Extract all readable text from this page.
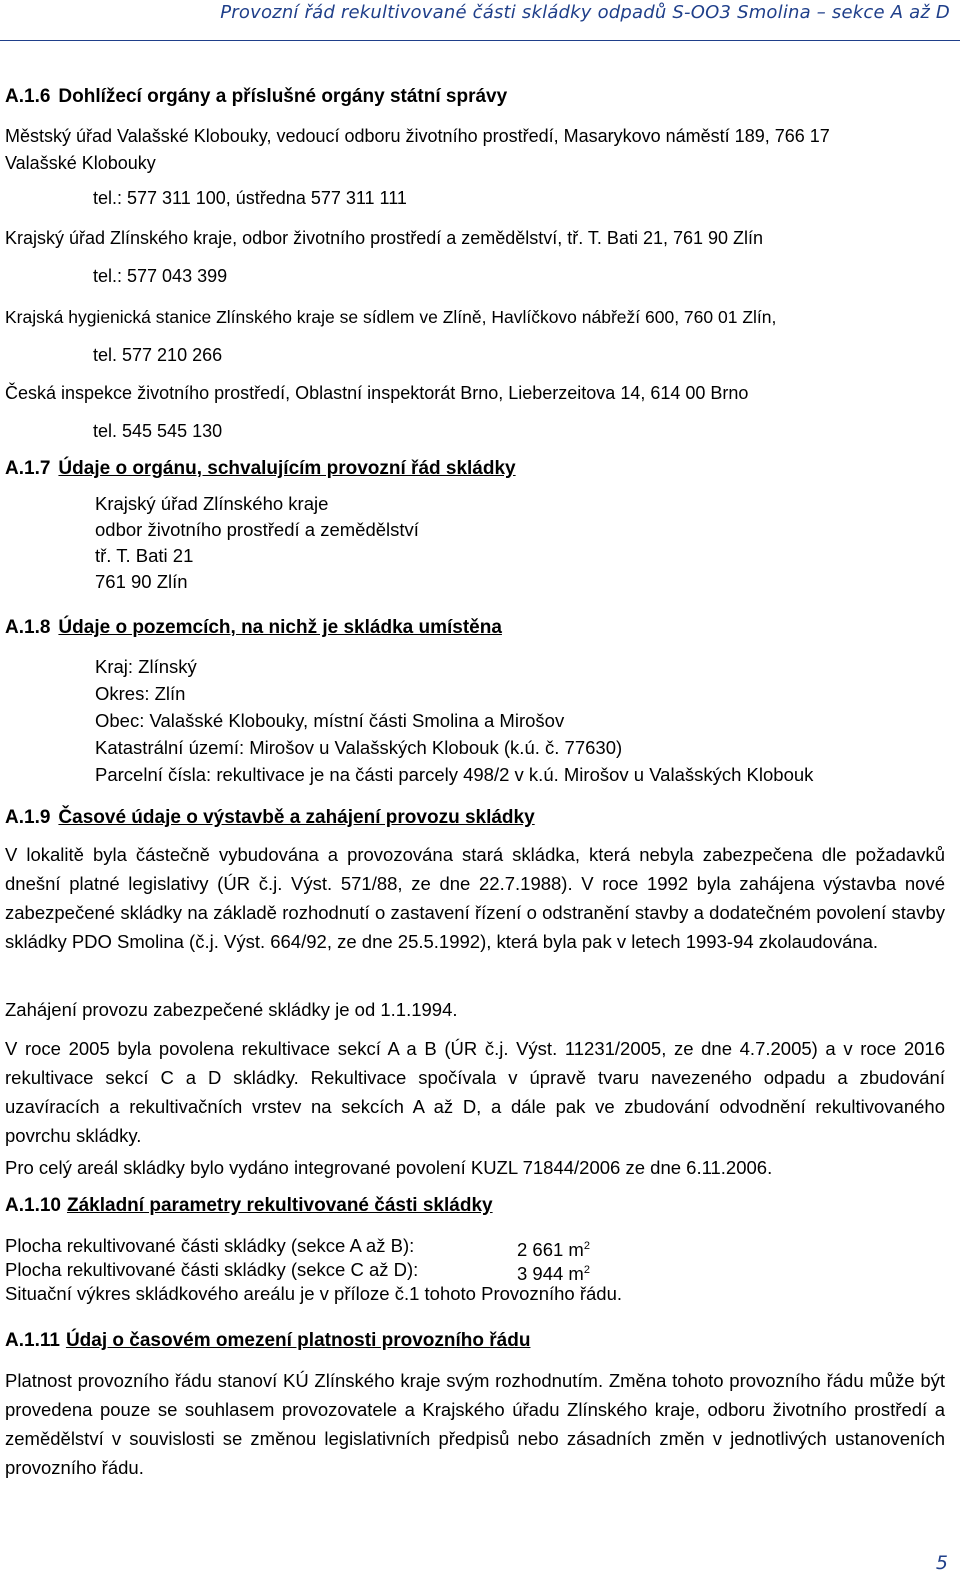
Provozní řád rekultivované části skládky odpadů S-OO3 Smolina – sekce A až D
A.1.6 Dohlížecí orgány a příslušné orgány státní správy
Městský úřad Valašské Klobouky, vedoucí odboru životního prostředí, Masarykovo náměstí 189, 766 17
Valašské Klobouky
tel.: 577 311 100, ústředna 577 311 111
Krajský úřad Zlínského kraje, odbor životního prostředí a zemědělství, tř. T. Bati 21, 761 90 Zlín
tel.: 577 043 399
Krajská hygienická stanice Zlínského kraje se sídlem ve Zlíně, Havlíčkovo nábřeží 600, 760 01 Zlín,
tel. 577 210 266
Česká inspekce životního prostředí, Oblastní inspektorát Brno, Lieberzeitova 14, 614 00 Brno
tel. 545 545 130
A.1.7 Údaje o orgánu, schvalujícím provozní řád skládky
Krajský úřad Zlínského kraje
odbor životního prostředí a zemědělství
tř. T. Bati 21
761 90 Zlín
A.1.8 Údaje o pozemcích, na nichž je skládka umístěna
Kraj: Zlínský
Okres: Zlín
Obec: Valašské Klobouky, místní části Smolina a Mirošov
Katastrální území: Mirošov u Valašských Klobouk (k.ú. č. 77630)
Parcelní čísla: rekultivace je na části parcely 498/2 v k.ú. Mirošov u Valašských Klobouk
A.1.9 Časové údaje o výstavbě a zahájení provozu skládky
V lokalitě byla částečně vybudována a provozována stará skládka, která nebyla zabezpečena dle požadavků dnešní platné legislativy (ÚR č.j. Výst. 571/88, ze dne 22.7.1988). V roce 1992 byla zahájena výstavba nové zabezpečené skládky na základě rozhodnutí o zastavení řízení o odstranění stavby a dodatečném povolení stavby skládky PDO Smolina (č.j. Výst. 664/92, ze dne 25.5.1992), která byla pak v letech 1993-94 zkolaudována.
Zahájení provozu zabezpečené skládky je od 1.1.1994.
V roce 2005 byla povolena rekultivace sekcí A a B (ÚR č.j. Výst. 11231/2005, ze dne 4.7.2005) a v roce 2016 rekultivace sekcí C a D skládky. Rekultivace spočívala v úpravě tvaru navezeného odpadu a zbudování uzavíracích a rekultivačních vrstev na sekcích A až D, a dále pak ve zbudování odvodnění rekultivovaného povrchu skládky.
Pro celý areál skládky bylo vydáno integrované povolení KUZL 71844/2006 ze dne 6.11.2006.
A.1.10 Základní parametry rekultivované části skládky
Plocha rekultivované části skládky (sekce A až B):	2 661 $m^2$
Plocha rekultivované části skládky (sekce C až D):	3 944 $m^2$
Situační výkres skládkového areálu je v příloze č.1 tohoto Provozního řádu.
A.1.11 Údaj o časovém omezení platnosti provozního řádu
Platnost provozního řádu stanoví KÚ Zlínského kraje svým rozhodnutím. Změna tohoto provozního řádu může být provedena pouze se souhlasem provozovatele a Krajského úřadu Zlínského kraje, odboru životního prostředí a zemědělství v souvislosti se změnou legislativních předpisů nebo zásadních změn v jednotlivých ustanoveních provozního řádu.
5
